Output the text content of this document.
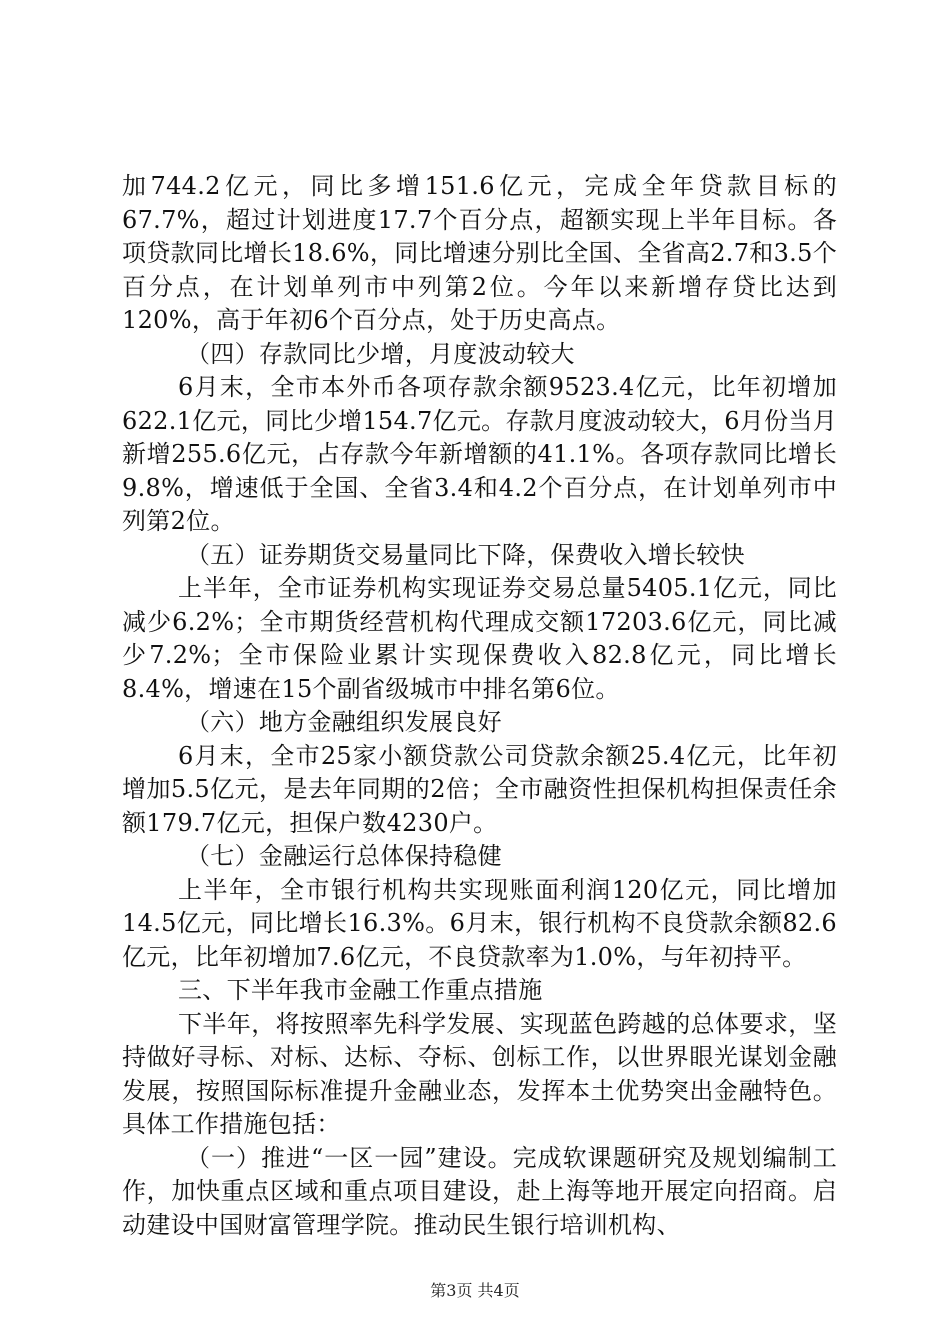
加744.2亿元，同比多增151.6亿元，完成全年贷款目标的67.7%，超过计划进度17.7个百分点，超额实现上半年目标。各项贷款同比增长18.6%，同比增速分别比全国、全省高2.7和3.5个百分点，在计划单列市中列第2位。今年以来新增存贷比达到120%，高于年初6个百分点，处于历史高点。

（四）存款同比少增，月度波动较大

6月末，全市本外币各项存款余额9523.4亿元，比年初增加622.1亿元，同比少增154.7亿元。存款月度波动较大，6月份当月新增255.6亿元，占存款今年新增额的41.1%。各项存款同比增长9.8%，增速低于全国、全省3.4和4.2个百分点，在计划单列市中列第2位。

（五）证券期货交易量同比下降，保费收入增长较快

上半年，全市证券机构实现证券交易总量5405.1亿元，同比减少6.2%；全市期货经营机构代理成交额17203.6亿元，同比减少7.2%；全市保险业累计实现保费收入82.8亿元，同比增长8.4%，增速在15个副省级城市中排名第6位。

（六）地方金融组织发展良好

6月末，全市25家小额贷款公司贷款余额25.4亿元，比年初增加5.5亿元，是去年同期的2倍；全市融资性担保机构担保责任余额179.7亿元，担保户数4230户。

（七）金融运行总体保持稳健

上半年，全市银行机构共实现账面利润120亿元，同比增加14.5亿元，同比增长16.3%。6月末，银行机构不良贷款余额82.6亿元，比年初增加7.6亿元，不良贷款率为1.0%，与年初持平。

三、下半年我市金融工作重点措施

下半年，将按照率先科学发展、实现蓝色跨越的总体要求，坚持做好寻标、对标、达标、夺标、创标工作，以世界眼光谋划金融发展，按照国际标准提升金融业态，发挥本土优势突出金融特色。具体工作措施包括：

（一）推进“一区一园”建设。完成软课题研究及规划编制工作，加快重点区域和重点项目建设，赴上海等地开展定向招商。启动建设中国财富管理学院。推动民生银行培训机构、

第3页 共4页
